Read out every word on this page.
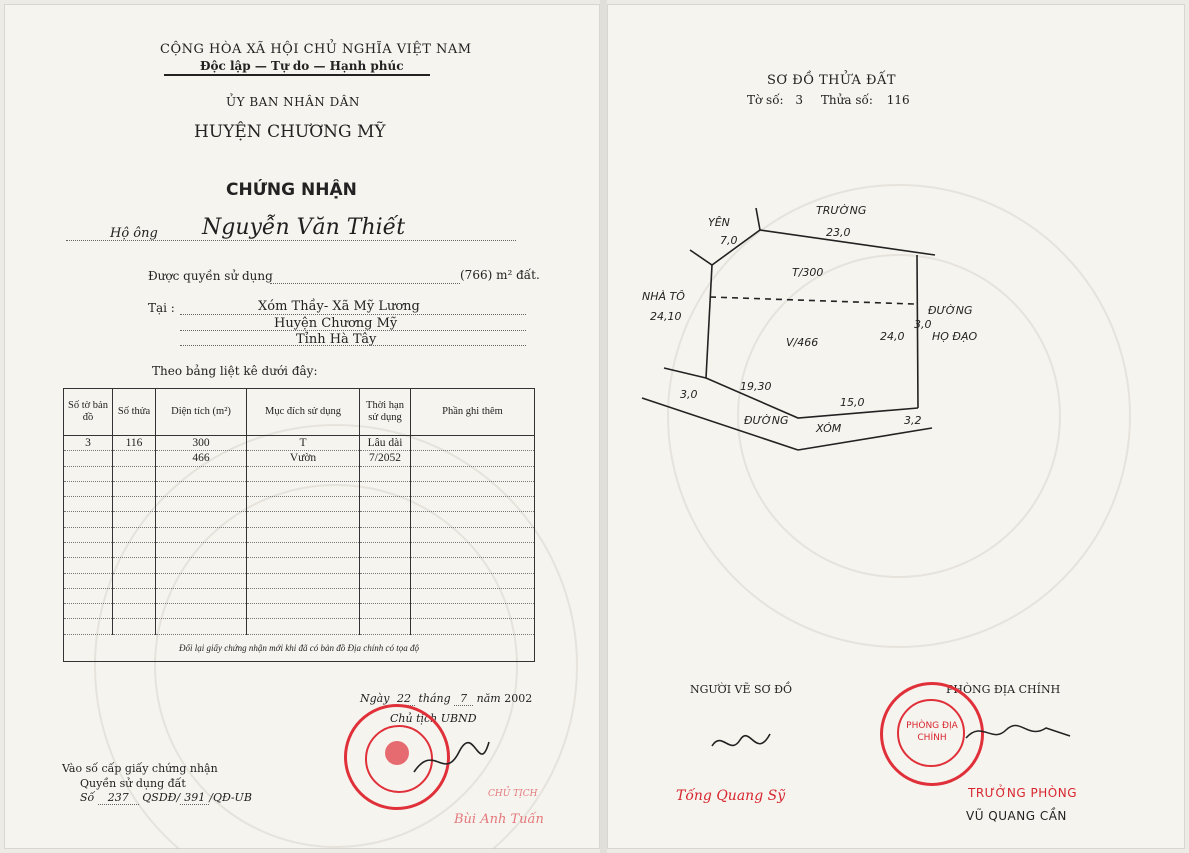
CỘNG HÒA XÃ HỘI CHỦ NGHĨA VIỆT NAM
Độc lập — Tự do — Hạnh phúc
ỦY BAN NHÂN DÂN
HUYỆN CHƯƠNG MỸ
CHỨNG NHẬN
Hộ ông Nguyễn Văn Thiết
Được quyền sử dụng	(766) m² đất.
Tại :	Xóm Thầy- Xã Mỹ Lương
Huyện Chương Mỹ
Tỉnh Hà Tây
Theo bảng liệt kê dưới đây:
Số tờ bản đồ	Số thửa	Diện tích (m²)	Mục đích sử dụng	Thời hạn sử dụng	Phần ghi thêm
3	116	300	T	Lâu dài	
		466	Vườn	7/2052	

Đổi lại giấy chứng nhận mới khi đã có bản đồ Địa chính có tọa độ					
Ngày 22 tháng 7 năm 2002
Chủ tịch UBND
Vào số cấp giấy chứng nhận
Quyền sử dụng đất
Số 237 QSDĐ/ 391 /QĐ-UB	CHỦ TỊCH
Bùi Anh Tuấn
SƠ ĐỒ THỬA ĐẤT
Tờ số: 3 Thửa số: 116
TRƯỜNG
23,0
YÊN
7,0
T/300
NHÀ TÔ
24,10
V/466
ĐƯỜNG
HỌ ĐẠO
24,0
3,0
3,0
19,30
15,0
3,2
ĐƯỜNG
XÓM
NGƯỜI VẼ SƠ ĐỒ
Tống Quang Sỹ
PHÒNG ĐỊA CHÍNH
PHÒNG ĐỊA CHÍNH
TRƯỞNG PHÒNG
VŨ QUANG CẦN
